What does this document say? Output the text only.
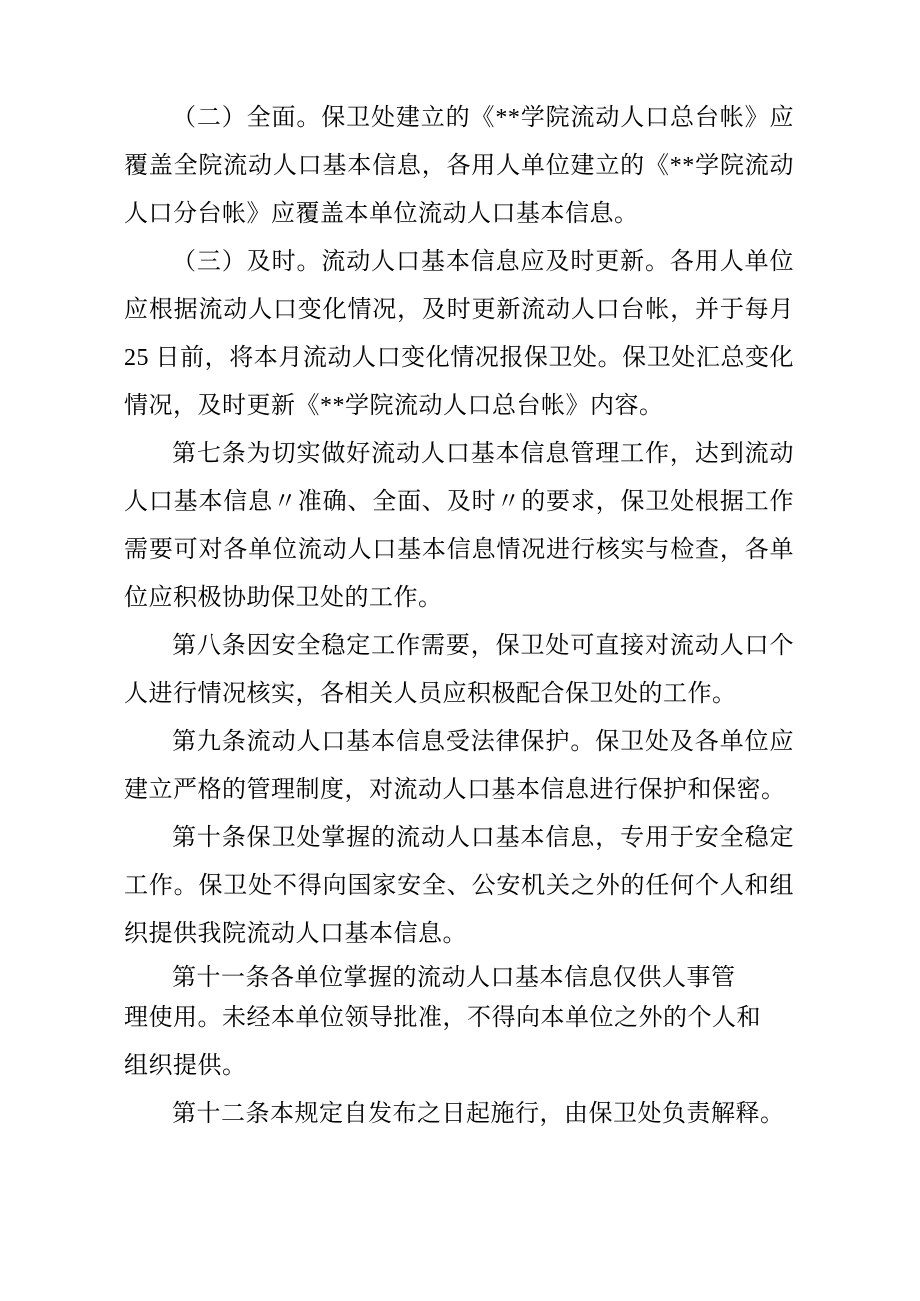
（二）全面。保卫处建立的《**学院流动人口总台帐》应覆盖全院流动人口基本信息，各用人单位建立的《**学院流动人口分台帐》应覆盖本单位流动人口基本信息。

（三）及时。流动人口基本信息应及时更新。各用人单位应根据流动人口变化情况，及时更新流动人口台帐，并于每月 25 日前，将本月流动人口变化情况报保卫处。保卫处汇总变化情况，及时更新《**学院流动人口总台帐》内容。

第七条为切实做好流动人口基本信息管理工作，达到流动人口基本信息〃准确、全面、及时〃的要求，保卫处根据工作需要可对各单位流动人口基本信息情况进行核实与检查，各单位应积极协助保卫处的工作。

第八条因安全稳定工作需要，保卫处可直接对流动人口个人进行情况核实，各相关人员应积极配合保卫处的工作。

第九条流动人口基本信息受法律保护。保卫处及各单位应建立严格的管理制度，对流动人口基本信息进行保护和保密。

第十条保卫处掌握的流动人口基本信息，专用于安全稳定工作。保卫处不得向国家安全、公安机关之外的任何个人和组织提供我院流动人口基本信息。

第十一条各单位掌握的流动人口基本信息仅供人事管
理使用。未经本单位领导批准，不得向本单位之外的个人和
组织提供。

第十二条本规定自发布之日起施行，由保卫处负责解释。
